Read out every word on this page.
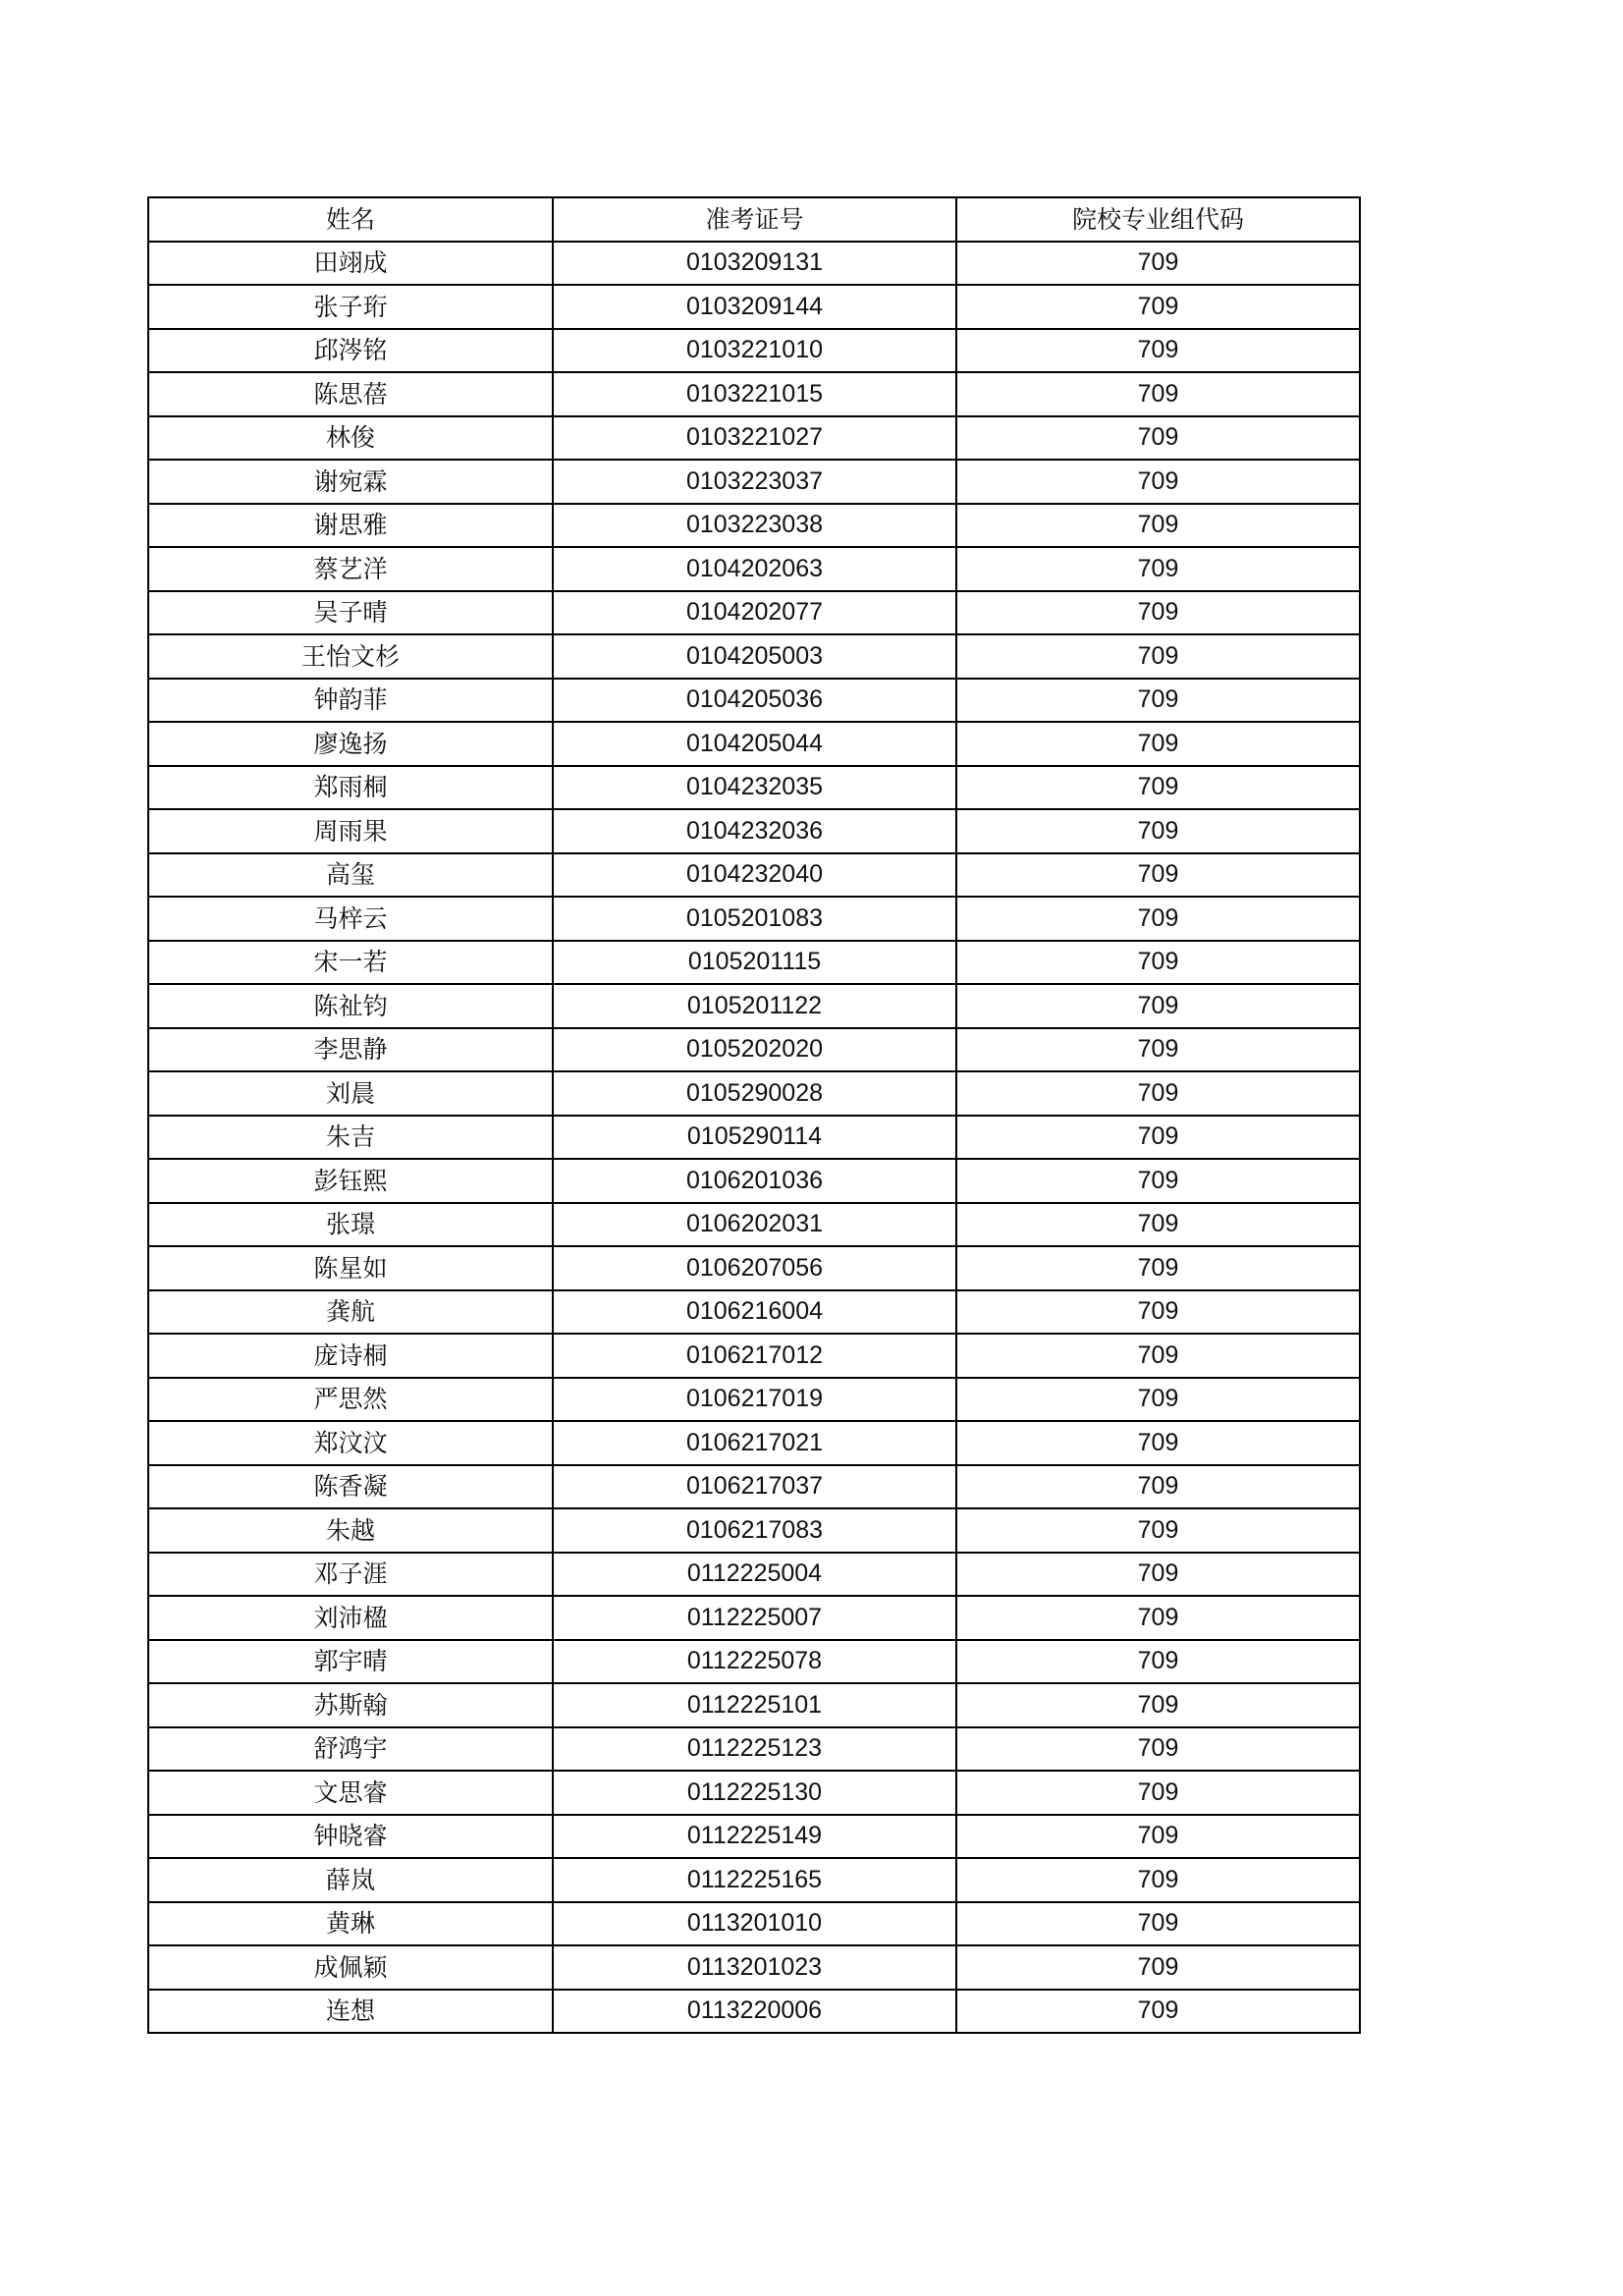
姓名	准考证号	院校专业组代码
田翊成	0103209131	709
张子珩	0103209144	709
邱涔铭	0103221010	709
陈思蓓	0103221015	709
林俊	0103221027	709
谢宛霖	0103223037	709
谢思雅	0103223038	709
蔡艺洋	0104202063	709
吴子晴	0104202077	709
王怡文杉	0104205003	709
钟韵菲	0104205036	709
廖逸扬	0104205044	709
郑雨桐	0104232035	709
周雨果	0104232036	709
高玺	0104232040	709
马梓云	0105201083	709
宋一若	0105201115	709
陈祉钧	0105201122	709
李思静	0105202020	709
刘晨	0105290028	709
朱吉	0105290114	709
彭钰熙	0106201036	709
张璟	0106202031	709
陈星如	0106207056	709
龚航	0106216004	709
庞诗桐	0106217012	709
严思然	0106217019	709
郑汶汶	0106217021	709
陈香凝	0106217037	709
朱越	0106217083	709
邓子涯	0112225004	709
刘沛楹	0112225007	709
郭宇晴	0112225078	709
苏斯翰	0112225101	709
舒鸿宇	0112225123	709
文思睿	0112225130	709
钟晓睿	0112225149	709
薛岚	0112225165	709
黄琳	0113201010	709
成佩颖	0113201023	709
连想	0113220006	709
